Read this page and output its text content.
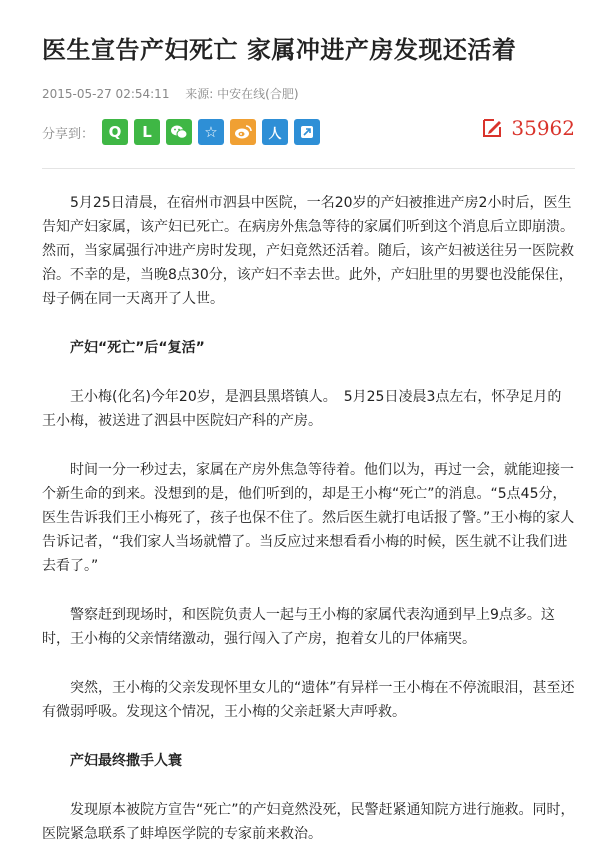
医生宣告产妇死亡 家属冲进产房发现还活着
2015-05-27 02:54:11 来源: 中安在线(合肥)
分享到： Q L	☆	人	35962

5月25日清晨，在宿州市泗县中医院，一名20岁的产妇被推进产房2小时后，医生告知产妇家属，该产妇已死亡。在病房外焦急等待的家属们听到这个消息后立即崩溃。然而，当家属强行冲进产房时发现，产妇竟然还活着。随后，该产妇被送往另一医院救治。不幸的是，当晚8点30分，该产妇不幸去世。此外，产妇肚里的男婴也没能保住，母子俩在同一天离开了人世。

产妇“死亡”后“复活”

王小梅(化名)今年20岁，是泗县黑塔镇人。　5月25日凌晨3点左右，怀孕足月的王小梅，被送进了泗县中医院妇产科的产房。

时间一分一秒过去，家属在产房外焦急等待着。他们以为，再过一会，就能迎接一个新生命的到来。没想到的是，他们听到的，却是王小梅“死亡”的消息。“5点45分，医生告诉我们王小梅死了，孩子也保不住了。然后医生就打电话报了警。”王小梅的家人告诉记者，“我们家人当场就懵了。当反应过来想看看小梅的时候，医生就不让我们进去看了。”

警察赶到现场时，和医院负责人一起与王小梅的家属代表沟通到早上9点多。这时，王小梅的父亲情绪激动，强行闯入了产房，抱着女儿的尸体痛哭。

突然，王小梅的父亲发现怀里女儿的“遗体”有异样一王小梅在不停流眼泪，甚至还有微弱呼吸。发现这个情况，王小梅的父亲赶紧大声呼救。

产妇最终撒手人寰

发现原本被院方宣告“死亡”的产妇竟然没死，民警赶紧通知院方进行施救。同时，医院紧急联系了蚌埠医学院的专家前来救治。
